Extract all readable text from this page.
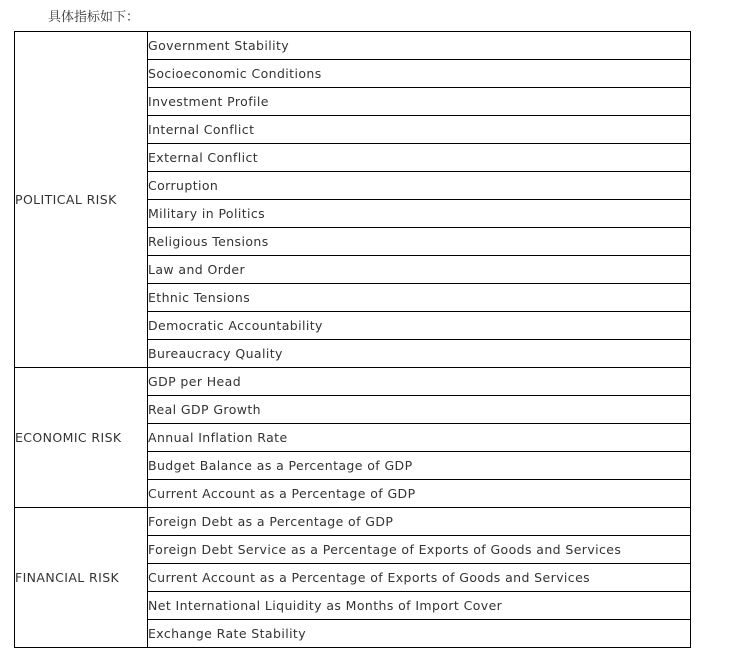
具体指标如下：
POLITICAL RISK	Government Stability
	Socioeconomic Conditions
	Investment Profile
	Internal Conflict
	External Conflict
	Corruption
	Military in Politics
	Religious Tensions
	Law and Order
	Ethnic Tensions
	Democratic Accountability
	Bureaucracy Quality
ECONOMIC RISK	GDP per Head
	Real GDP Growth
	Annual Inflation Rate
	Budget Balance as a Percentage of GDP
	Current Account as a Percentage of GDP
FINANCIAL RISK	Foreign Debt as a Percentage of GDP
	Foreign Debt Service as a Percentage of Exports of Goods and Services
	Current Account as a Percentage of Exports of Goods and Services
	Net International Liquidity as Months of Import Cover
	Exchange Rate Stability
